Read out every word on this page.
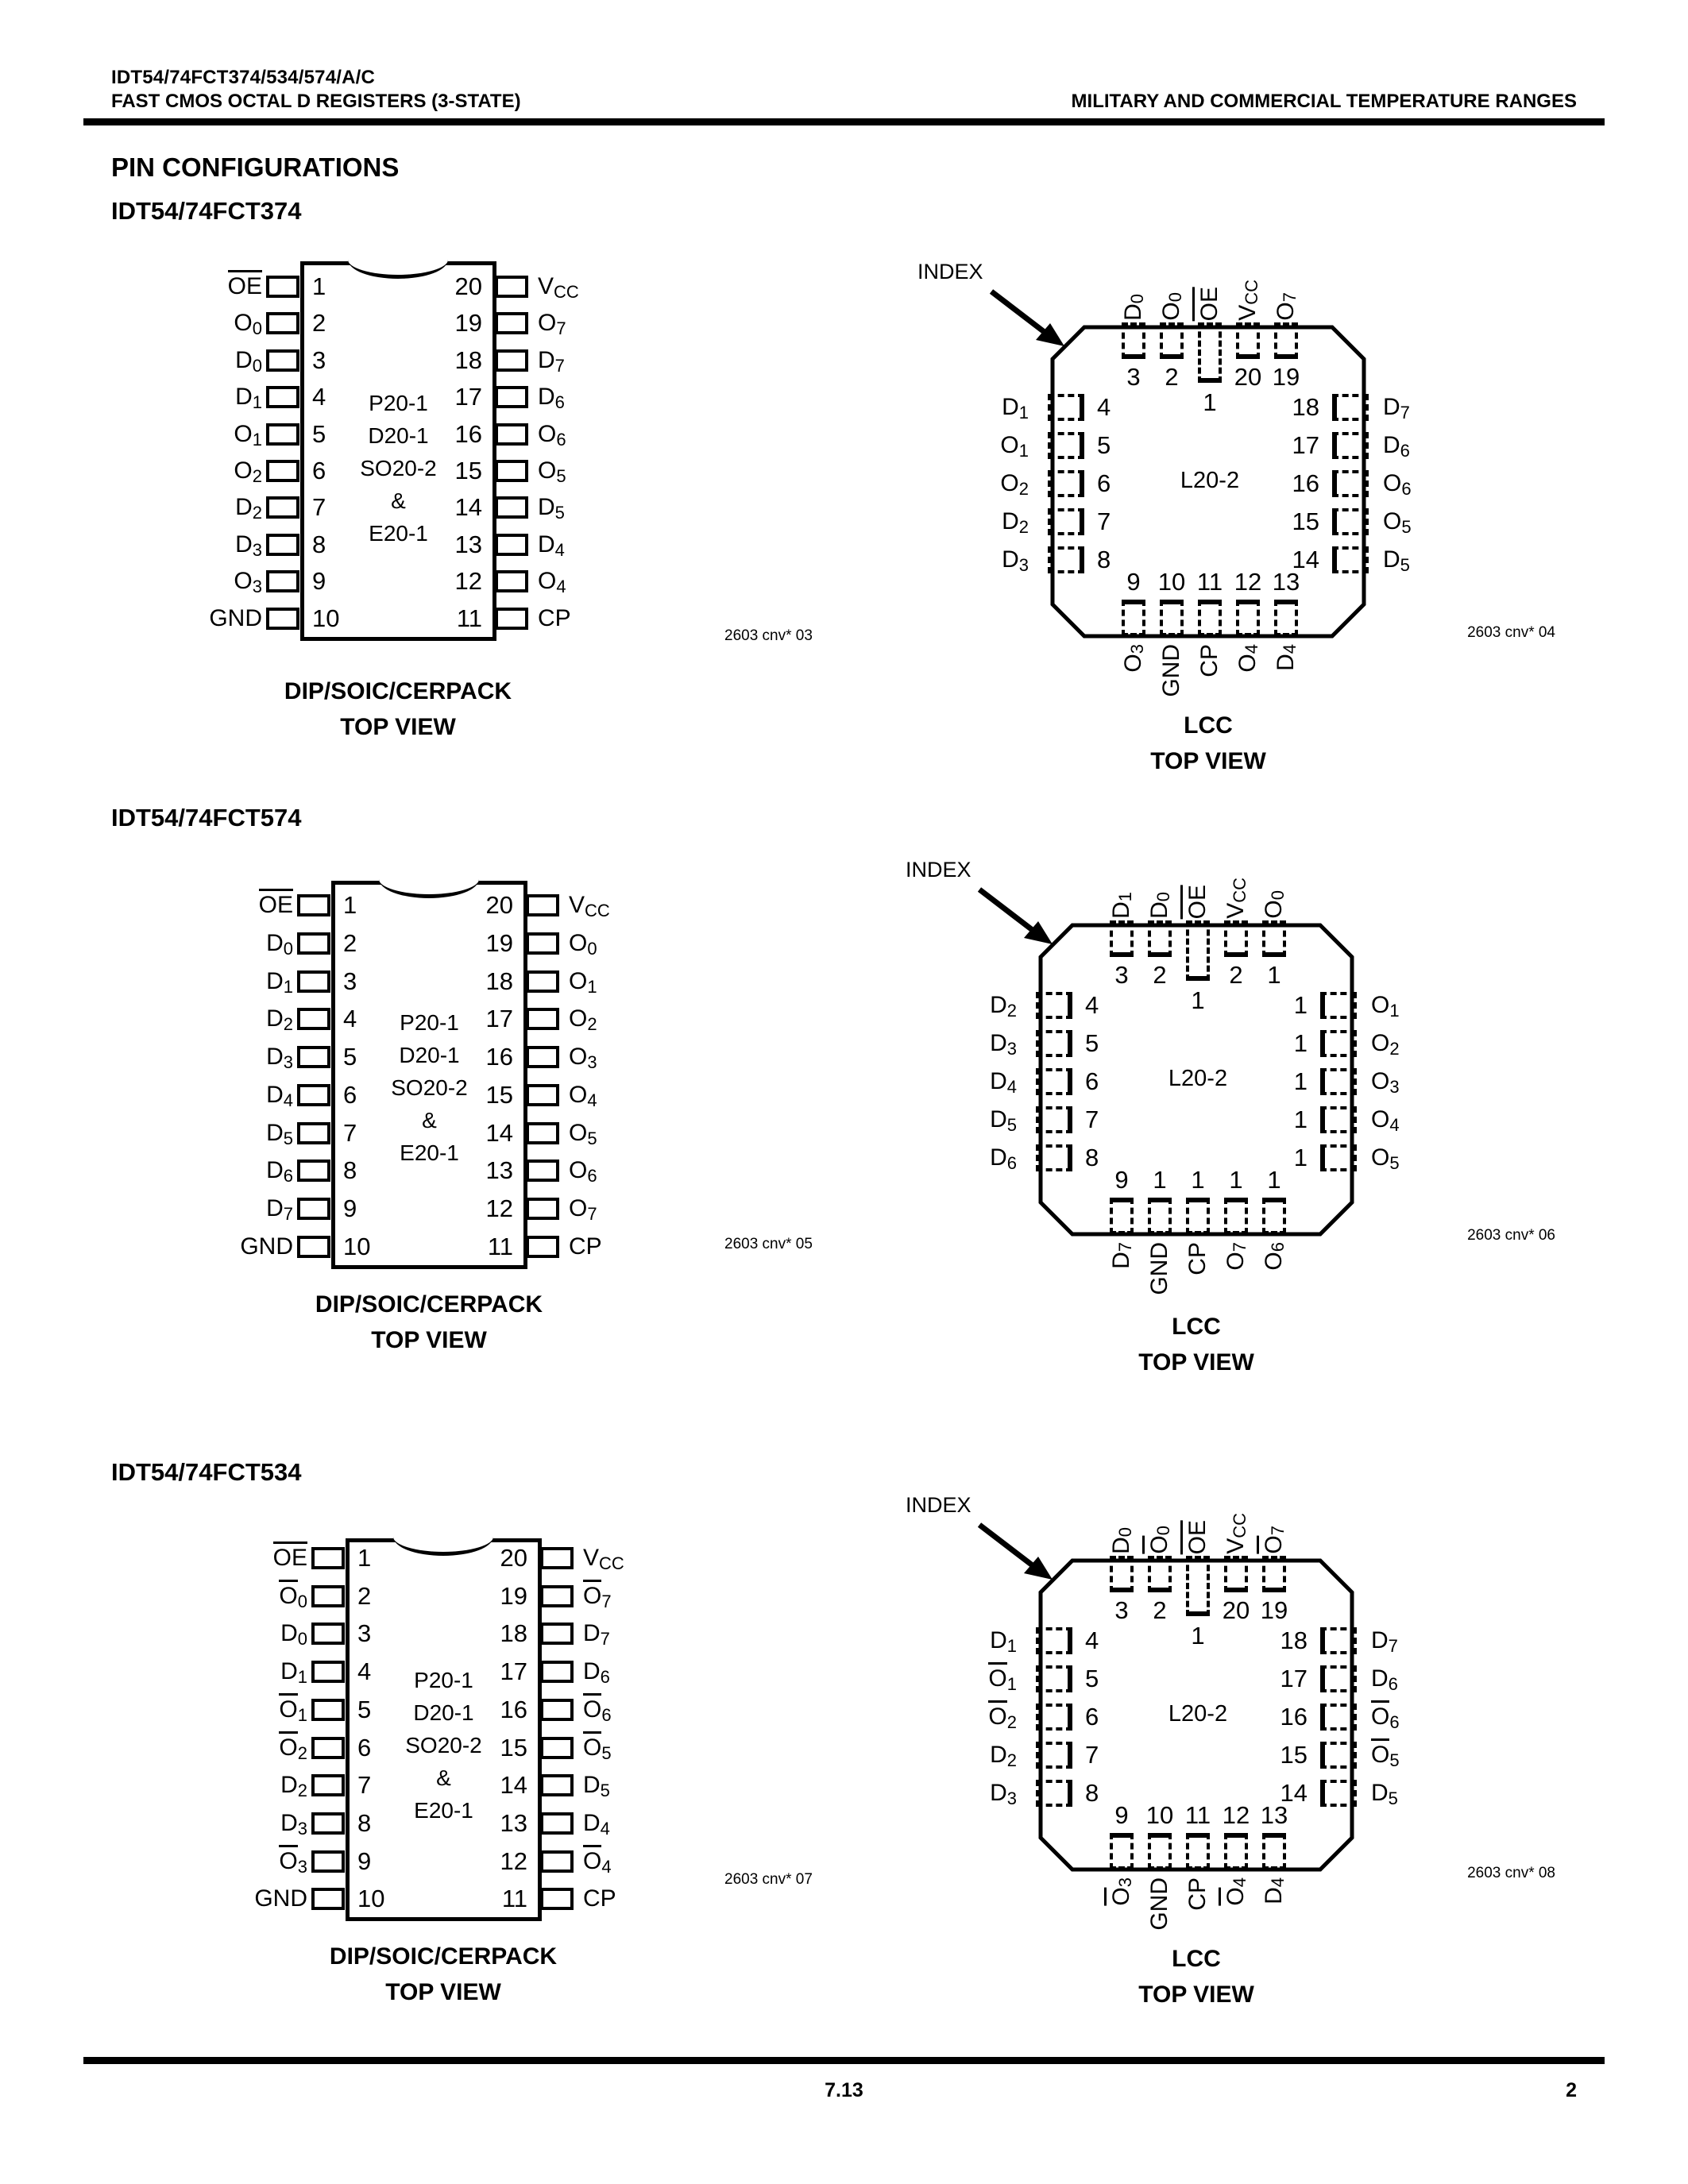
IDT54/74FCT374/534/574/A/C
FAST CMOS OCTAL D REGISTERS (3-STATE)	MILITARY AND COMMERCIAL TEMPERATURE RANGES
PIN CONFIGURATIONS
IDT54/74FCT374
P20-1
D20-1
SO20-2
&
E20-1
OE 1
$O_0$ 2
$D_0$ 3
$D_1$ 4
$O_1$ 5
$O_2$ 6
$D_2$ 7
$D_3$ 8
$O_3$ 9
GND 10
20 $V_{CC}$
19 $O_7$
18 $D_7$
17 $D_6$
16 $O_6$
15 $O_5$
14 $D_5$
13 $D_4$
12 $O_4$
11 CP
DIP/SOIC/CERPACK
TOP VIEW
2603 cnv* 03
INDEX
3
$D_0$
2
$O_0$
1
OE
20
$V_{CC}$
19
$O_7$
4
$D_1$
5
$O_1$
6
$O_2$
7
$D_2$
8
$D_3$
18	$D_7$
17	$D_6$
16	$O_6$
15	$O_5$
14	$D_5$
9
$O_3$
10
GND
11
CP
12
$O_4$
13
$D_4$
L20-2
LCC
TOP VIEW
2603 cnv* 04
IDT54/74FCT574
P20-1
D20-1
SO20-2
&
E20-1
OE 1
$D_0$ 2
$D_1$ 3
$D_2$ 4
$D_3$ 5
$D_4$ 6
$D_5$ 7
$D_6$ 8
$D_7$ 9
GND 10
20 $V_{CC}$
19 $O_0$
18 $O_1$
17 $O_2$
16 $O_3$
15 $O_4$
14 $O_5$
13 $O_6$
12 $O_7$
11 CP
DIP/SOIC/CERPACK
TOP VIEW
2603 cnv* 05
INDEX
3
$D_1$
2
$D_0$
1
OE
2
$V_{CC}$
1
$O_0$
4
$D_2$
5
$D_3$
6
$D_4$
7
$D_5$
8
$D_6$
1	$O_1$
1	$O_2$
1	$O_3$
1	$O_4$
1	$O_5$
9
$D_7$
1
GND
1
CP
1
$O_7$
1
$O_6$
L20-2
LCC
TOP VIEW
2603 cnv* 06
IDT54/74FCT534
P20-1
D20-1
SO20-2
&
E20-1
OE 1
$O_0$ 2
$D_0$ 3
$D_1$ 4
$O_1$ 5
$O_2$ 6
$D_2$ 7
$D_3$ 8
$O_3$ 9
GND 10
20 $V_{CC}$
19 $O_7$
18 $D_7$
17 $D_6$
16 $O_6$
15 $O_5$
14 $D_5$
13 $D_4$
12 $O_4$
11 CP
DIP/SOIC/CERPACK
TOP VIEW
2603 cnv* 07
INDEX
3
$D_0$
2
$O_0$
1
OE
20
$V_{CC}$
19
$O_7$
4
$D_1$
5
$O_1$
6
$O_2$
7
$D_2$
8
$D_3$
18	$D_7$
17	$D_6$
16	$O_6$
15	$O_5$
14	$D_5$
9
$O_3$
10
GND
11
CP
12
$O_4$
13
$D_4$
L20-2
LCC
TOP VIEW
2603 cnv* 08
7.13	2
